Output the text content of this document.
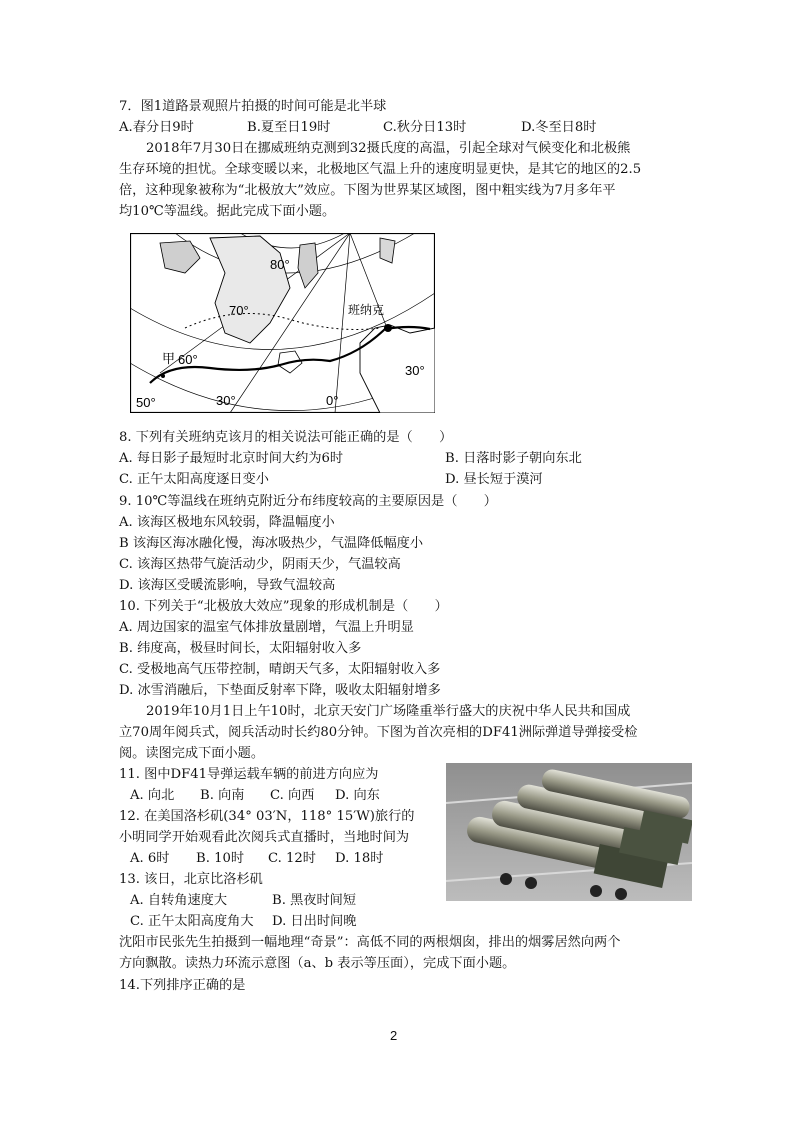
7．图1道路景观照片拍摄的时间可能是北半球
A.春分日9时	B.夏至日19时	C.秋分日13时	D.冬至日8时
2018年7月30日在挪威班纳克测到32摄氏度的高温，引起全球对气候变化和北极熊
生存环境的担忧。全球变暖以来，北极地区气温上升的速度明显更快，是其它的地区的2.5
倍，这种现象被称为“北极放大”效应。下图为世界某区域图，图中粗实线为7月多年平
均10℃等温线。据此完成下面小题。
80°
70°
60°
甲
班纳克
50°	30°	0°
30°
8. 下列有关班纳克该月的相关说法可能正确的是（　　）
A. 每日影子最短时北京时间大约为6时	B. 日落时影子朝向东北
C. 正午太阳高度逐日变小	D. 昼长短于漠河
9. 10℃等温线在班纳克附近分布纬度较高的主要原因是（　　）
A. 该海区极地东风较弱，降温幅度小
B 该海区海冰融化慢，海冰吸热少，气温降低幅度小
C. 该海区热带气旋活动少，阴雨天少，气温较高
D. 该海区受暖流影响，导致气温较高
10. 下列关于“北极放大效应”现象的形成机制是（　　）
A. 周边国家的温室气体排放量剧增，气温上升明显
B. 纬度高，极昼时间长，太阳辐射收入多
C. 受极地高气压带控制，晴朗天气多，太阳辐射收入多
D. 冰雪消融后，下垫面反射率下降，吸收太阳辐射增多
2019年10月1日上午10时，北京天安门广场隆重举行盛大的庆祝中华人民共和国成
立70周年阅兵式，阅兵活动时长约80分钟。下图为首次亮相的DF41洲际弹道导弹接受检
阅。读图完成下面小题。
11. 图中DF41导弹运载车辆的前进方向应为
A. 向北 B. 向南 C. 向西 D. 向东
12. 在美国洛杉矶(34° 03′N，118° 15′W)旅行的
小明同学开始观看此次阅兵式直播时，当地时间为
A. 6时 B. 10时 C. 12时 D. 18时
13. 该日，北京比洛杉矶
A. 自转角速度大	B. 黑夜时间短
C. 正午太阳高度角大 D. 日出时间晚
沈阳市民张先生拍摄到一幅地理“奇景”：高低不同的两根烟囱，排出的烟雾居然向两个
方向飘散。读热力环流示意图（a、b 表示等压面），完成下面小题。
14.下列排序正确的是
2
